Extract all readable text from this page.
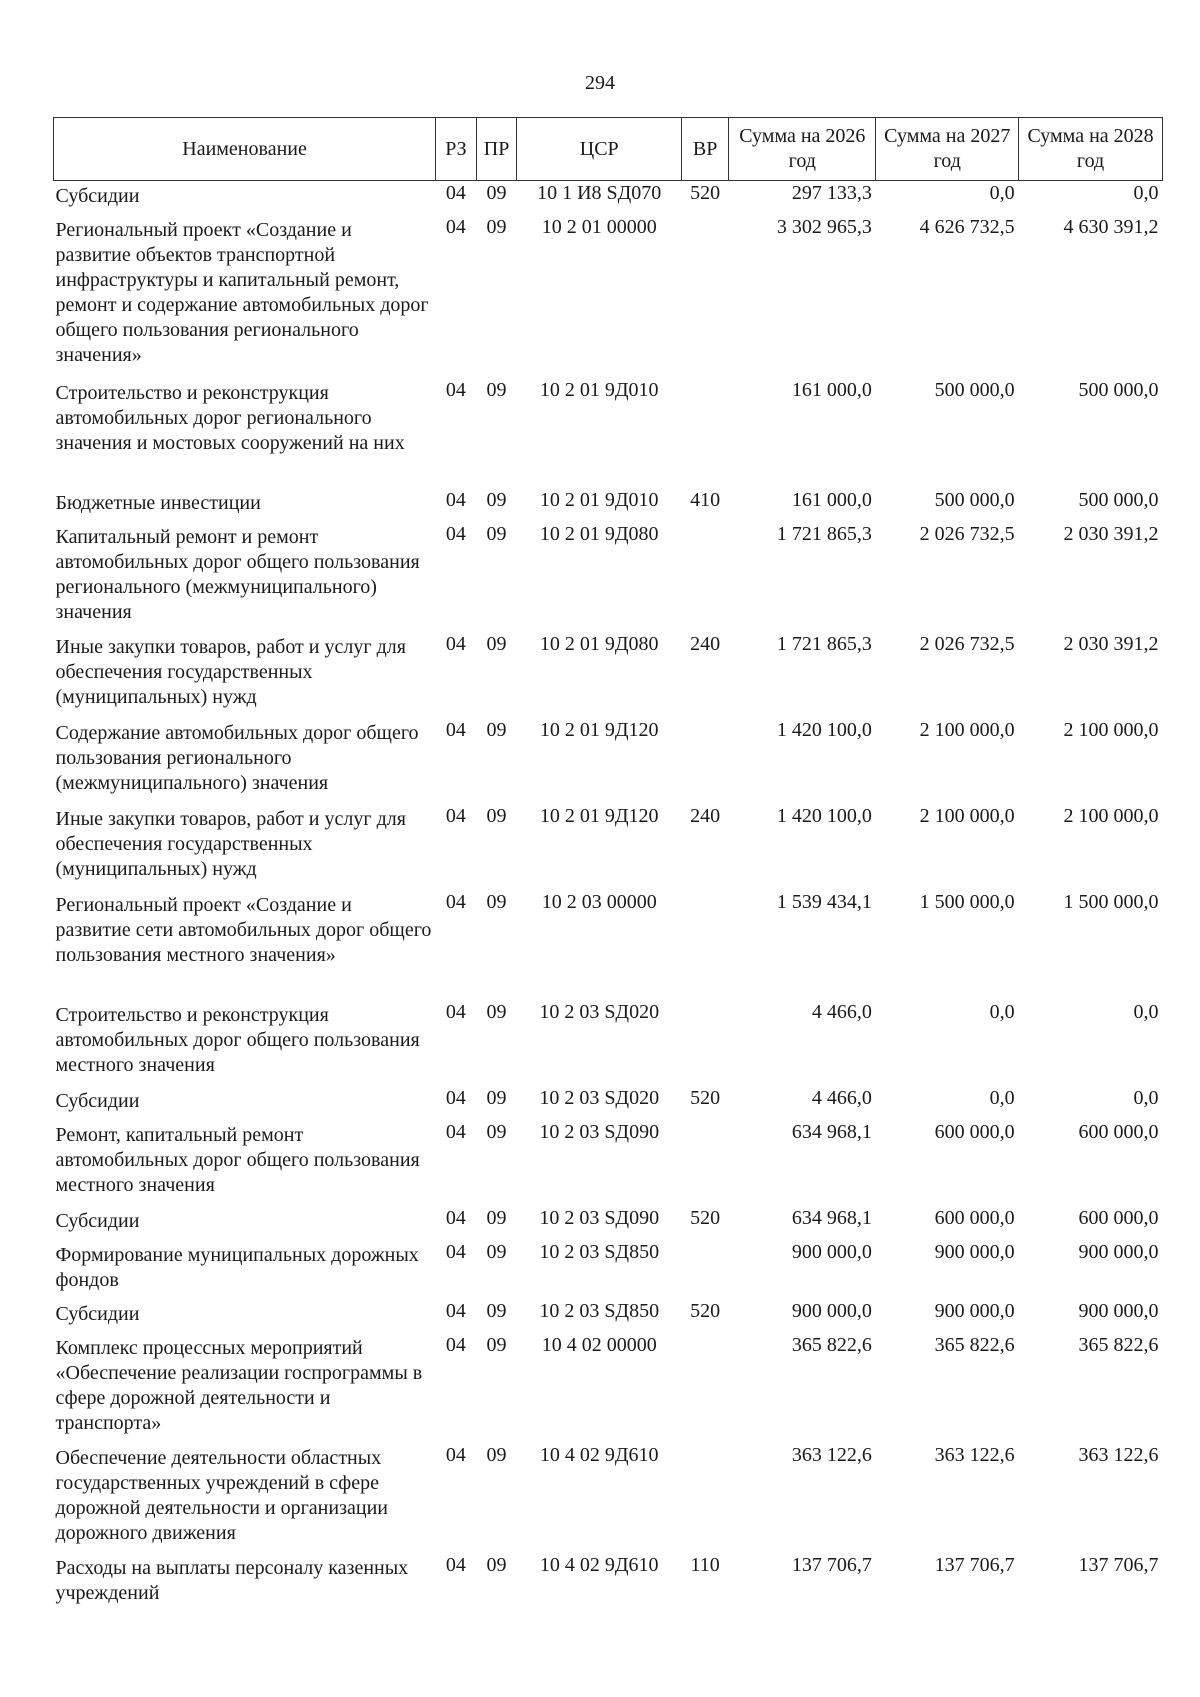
294
Наименование	РЗ	ПР	ЦСР	ВР	Сумма на 2026 год	Сумма на 2027 год	Сумма на 2028 год
Субсидии	04	09	10 1 И8 SД070	520	297 133,3	0,0	0,0
Региональный проект «Создание и развитие объектов транспортной инфраструктуры и капитальный ремонт, ремонт и содержание автомобильных дорог общего пользования регионального значения»	04	09	10 2 01 00000		3 302 965,3	4 626 732,5	4 630 391,2
Строительство и реконструкция автомобильных дорог регионального значения и мостовых сооружений на них	04	09	10 2 01 9Д010		161 000,0	500 000,0	500 000,0
Бюджетные инвестиции	04	09	10 2 01 9Д010	410	161 000,0	500 000,0	500 000,0
Капитальный ремонт и ремонт автомобильных дорог общего пользования регионального (межмуниципального) значения	04	09	10 2 01 9Д080		1 721 865,3	2 026 732,5	2 030 391,2
Иные закупки товаров, работ и услуг для обеспечения государственных (муниципальных) нужд	04	09	10 2 01 9Д080	240	1 721 865,3	2 026 732,5	2 030 391,2
Содержание автомобильных дорог общего пользования регионального (межмуниципального) значения	04	09	10 2 01 9Д120		1 420 100,0	2 100 000,0	2 100 000,0
Иные закупки товаров, работ и услуг для обеспечения государственных (муниципальных) нужд	04	09	10 2 01 9Д120	240	1 420 100,0	2 100 000,0	2 100 000,0
Региональный проект «Создание и развитие сети автомобильных дорог общего пользования местного значения»	04	09	10 2 03 00000		1 539 434,1	1 500 000,0	1 500 000,0
Строительство и реконструкция автомобильных дорог общего пользования местного значения	04	09	10 2 03 SД020		4 466,0	0,0	0,0
Субсидии	04	09	10 2 03 SД020	520	4 466,0	0,0	0,0
Ремонт, капитальный ремонт автомобильных дорог общего пользования местного значения	04	09	10 2 03 SД090		634 968,1	600 000,0	600 000,0
Субсидии	04	09	10 2 03 SД090	520	634 968,1	600 000,0	600 000,0
Формирование муниципальных дорожных фондов	04	09	10 2 03 SД850		900 000,0	900 000,0	900 000,0
Субсидии	04	09	10 2 03 SД850	520	900 000,0	900 000,0	900 000,0
Комплекс процессных мероприятий «Обеспечение реализации госпрограммы в сфере дорожной деятельности и транспорта»	04	09	10 4 02 00000		365 822,6	365 822,6	365 822,6
Обеспечение деятельности областных государственных учреждений в сфере дорожной деятельности и организации дорожного движения	04	09	10 4 02 9Д610		363 122,6	363 122,6	363 122,6
Расходы на выплаты персоналу казенных учреждений	04	09	10 4 02 9Д610	110	137 706,7	137 706,7	137 706,7
